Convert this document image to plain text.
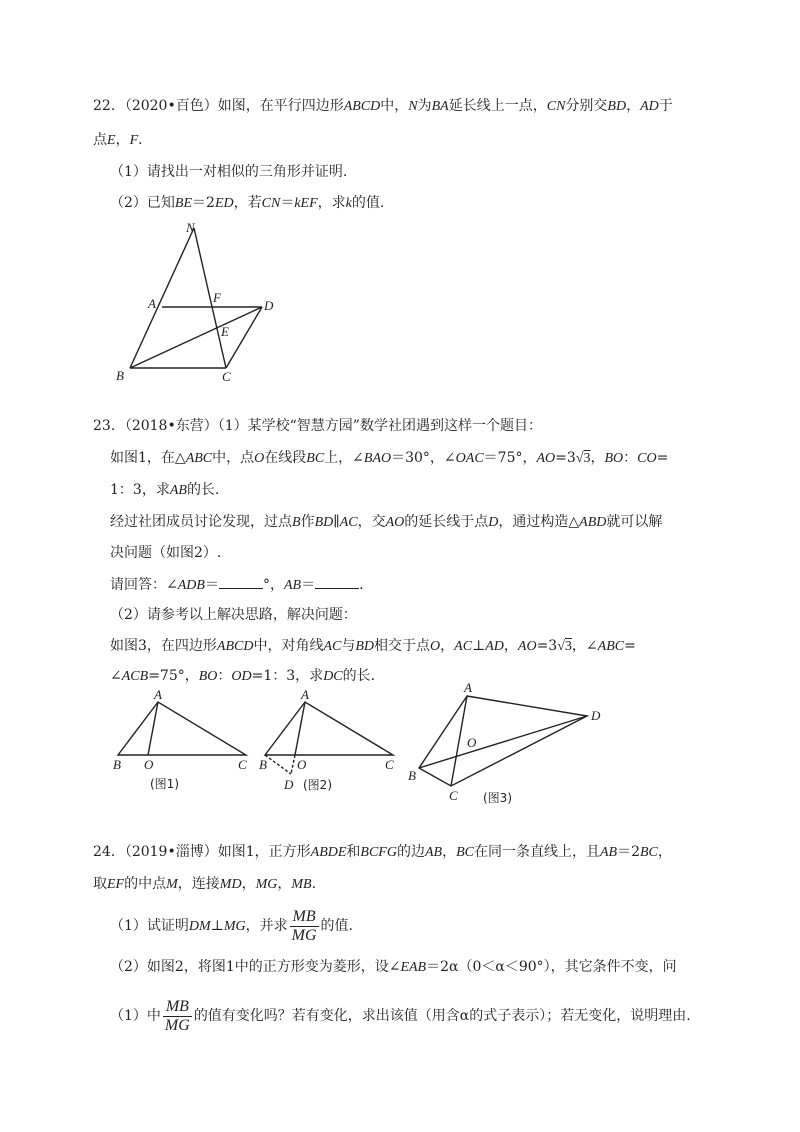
22．（2020•百色）如图，在平行四边形ABCD中，N为BA延长线上一点，CN分别交BD，AD于
点E，F.
（1）请找出一对相似的三角形并证明.
（2）已知BE＝2ED，若CN＝kEF，求k的值.
N
A	F
D
E
B	C
23．（2018•东营）（1）某学校“智慧方园”数学社团遇到这样一个题目：
如图1，在△ABC中，点O在线段BC上，∠BAO＝30°，∠OAC＝75°，AO=3√3，BO：CO=
1：3，求AB的长.
经过社团成员讨论发现，过点B作BD∥AC，交AO的延长线于点D，通过构造△ABD就可以解
决问题（如图2）.
请回答：∠ADB＝	°，AB＝	.
（2）请参考以上解决思路，解决问题：
如图3，在四边形ABCD中，对角线AC与BD相交于点O，AC⊥AD，AO=3√3，∠ABC=
∠ACB=75°，BO：OD=1：3，求DC的长.
A
B O	C
(图1)
A
B O	C
D (图2)
A
D
O
B
C (图3)
24．（2019•淄博）如图1，正方形ABDE和BCFG的边AB，BC在同一条直线上，且AB＝2BC，
取EF的中点M，连接MD，MG，MB.
（1）试证明DM⊥MG，并求 $\frac{MB}{MG}$ 的值.
（2）如图2，将图1中的正方形变为菱形，设∠EAB＝2α（0＜α＜90°），其它条件不变，问
（1）中 $\frac{MB}{MG}$ 的值有变化吗？若有变化，求出该值（用含α的式子表示）；若无变化，说明理由.
